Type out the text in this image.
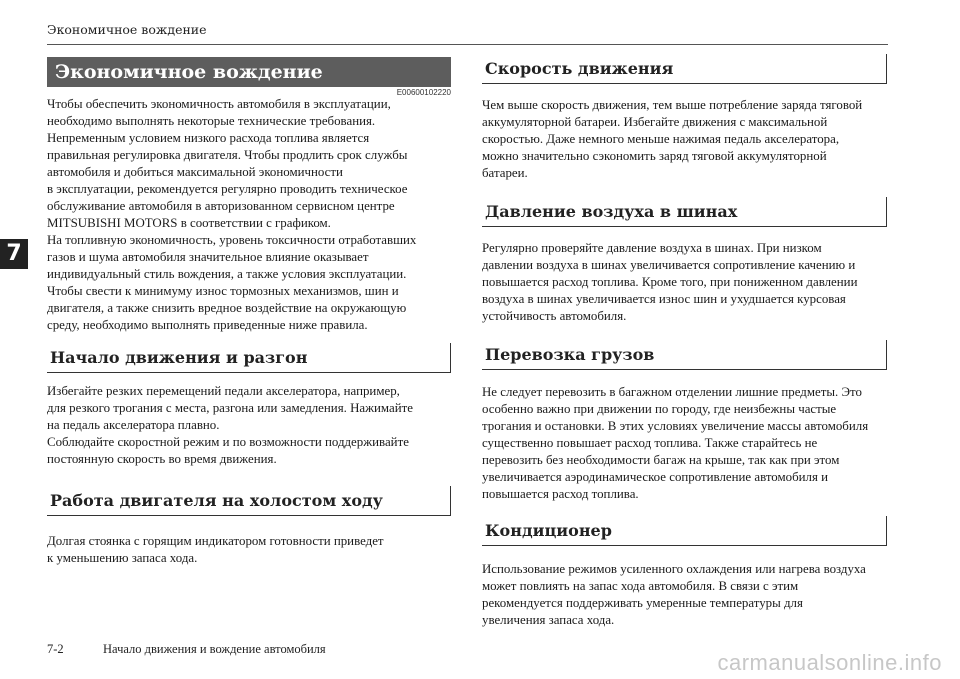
Экономичное вождение
7
Экономичное вождение
E00600102220

Чтобы обеспечить экономичность автомобиля в эксплуатации,
необходимо выполнять некоторые технические требования.
Непременным условием низкого расхода топлива является
правильная регулировка двигателя. Чтобы продлить срок службы
автомобиля и добиться максимальной экономичности
в эксплуатации, рекомендуется регулярно проводить техническое
обслуживание автомобиля в авторизованном сервисном центре
MITSUBISHI MOTORS в соответствии с графиком.
На топливную экономичность, уровень токсичности отработавших
газов и шума автомобиля значительное влияние оказывает
индивидуальный стиль вождения, а также условия эксплуатации.
Чтобы свести к минимуму износ тормозных механизмов, шин и
двигателя, а также снизить вредное воздействие на окружающую
среду, необходимо выполнять приведенные ниже правила.

Начало движения и разгон

Избегайте резких перемещений педали акселератора, например,
для резкого трогания с места, разгона или замедления. Нажимайте
на педаль акселератора плавно.
Соблюдайте скоростной режим и по возможности поддерживайте
постоянную скорость во время движения.

Работа двигателя на холостом ходу

Долгая стоянка с горящим индикатором готовности приведет
к уменьшению запаса хода.

Скорость движения

Чем выше скорость движения, тем выше потребление заряда тяговой
аккумуляторной батареи. Избегайте движения с максимальной
скоростью. Даже немного меньше нажимая педаль акселератора,
можно значительно сэкономить заряд тяговой аккумуляторной
батареи.

Давление воздуха в шинах

Регулярно проверяйте давление воздуха в шинах. При низком
давлении воздуха в шинах увеличивается сопротивление качению и
повышается расход топлива. Кроме того, при пониженном давлении
воздуха в шинах увеличивается износ шин и ухудшается курсовая
устойчивость автомобиля.

Перевозка грузов

Не следует перевозить в багажном отделении лишние предметы. Это
особенно важно при движении по городу, где неизбежны частые
трогания и остановки. В этих условиях увеличение массы автомобиля
существенно повышает расход топлива. Также старайтесь не
перевозить без необходимости багаж на крыше, так как при этом
увеличивается аэродинамическое сопротивление автомобиля и
повышается расход топлива.

Кондиционер

Использование режимов усиленного охлаждения или нагрева воздуха
может повлиять на запас хода автомобиля. В связи с этим
рекомендуется поддерживать умеренные температуры для
увеличения запаса хода.

7-2	Начало движения и вождение автомобиля
carmanualsonline.info
